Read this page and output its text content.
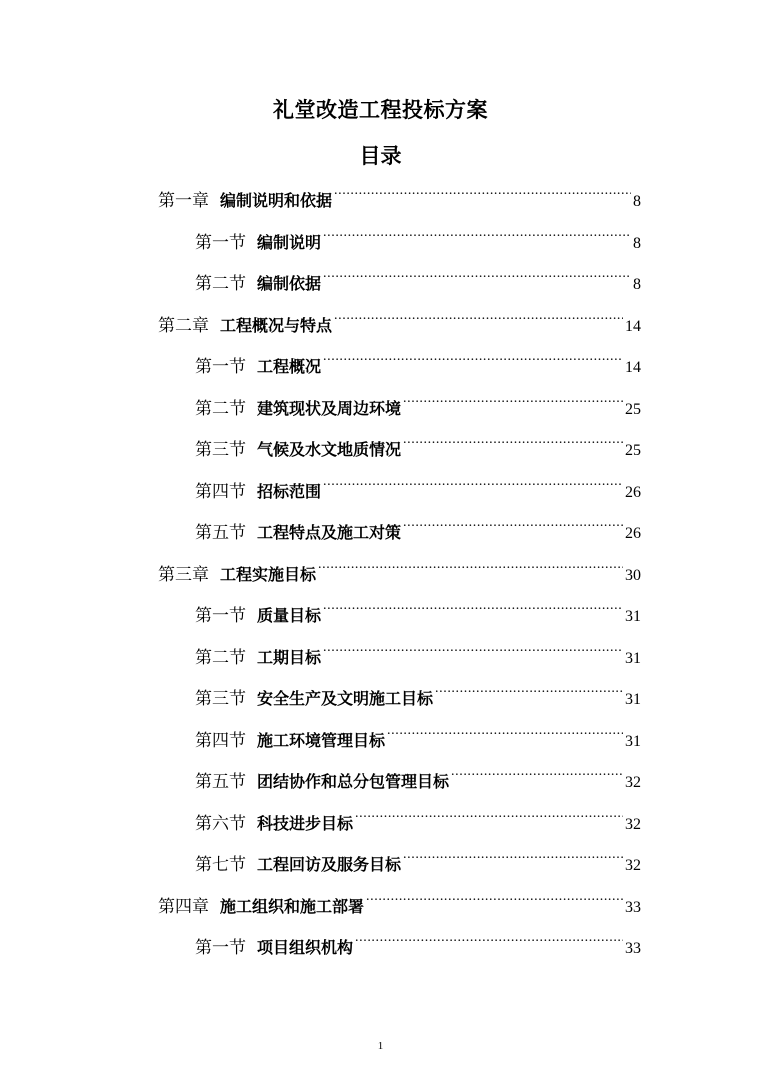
礼堂改造工程投标方案
目录
第一章 编制说明和依据 .....	8
第一节 编制说明 .....	8
第二节 编制依据 .....	8
第二章 工程概况与特点 .....	14
第一节 工程概况 .....	14
第二节 建筑现状及周边环境 .....	25
第三节 气候及水文地质情况 .....	25
第四节 招标范围 .....	26
第五节 工程特点及施工对策 .....	26
第三章 工程实施目标 .....	30
第一节 质量目标 .....	31
第二节 工期目标 .....	31
第三节 安全生产及文明施工目标 .....	31
第四节 施工环境管理目标 .....	31
第五节 团结协作和总分包管理目标 .....	32
第六节 科技进步目标 .....	32
第七节 工程回访及服务目标 .....	32
第四章 施工组织和施工部署 .....	33
第一节 项目组织机构 .....	33
1
